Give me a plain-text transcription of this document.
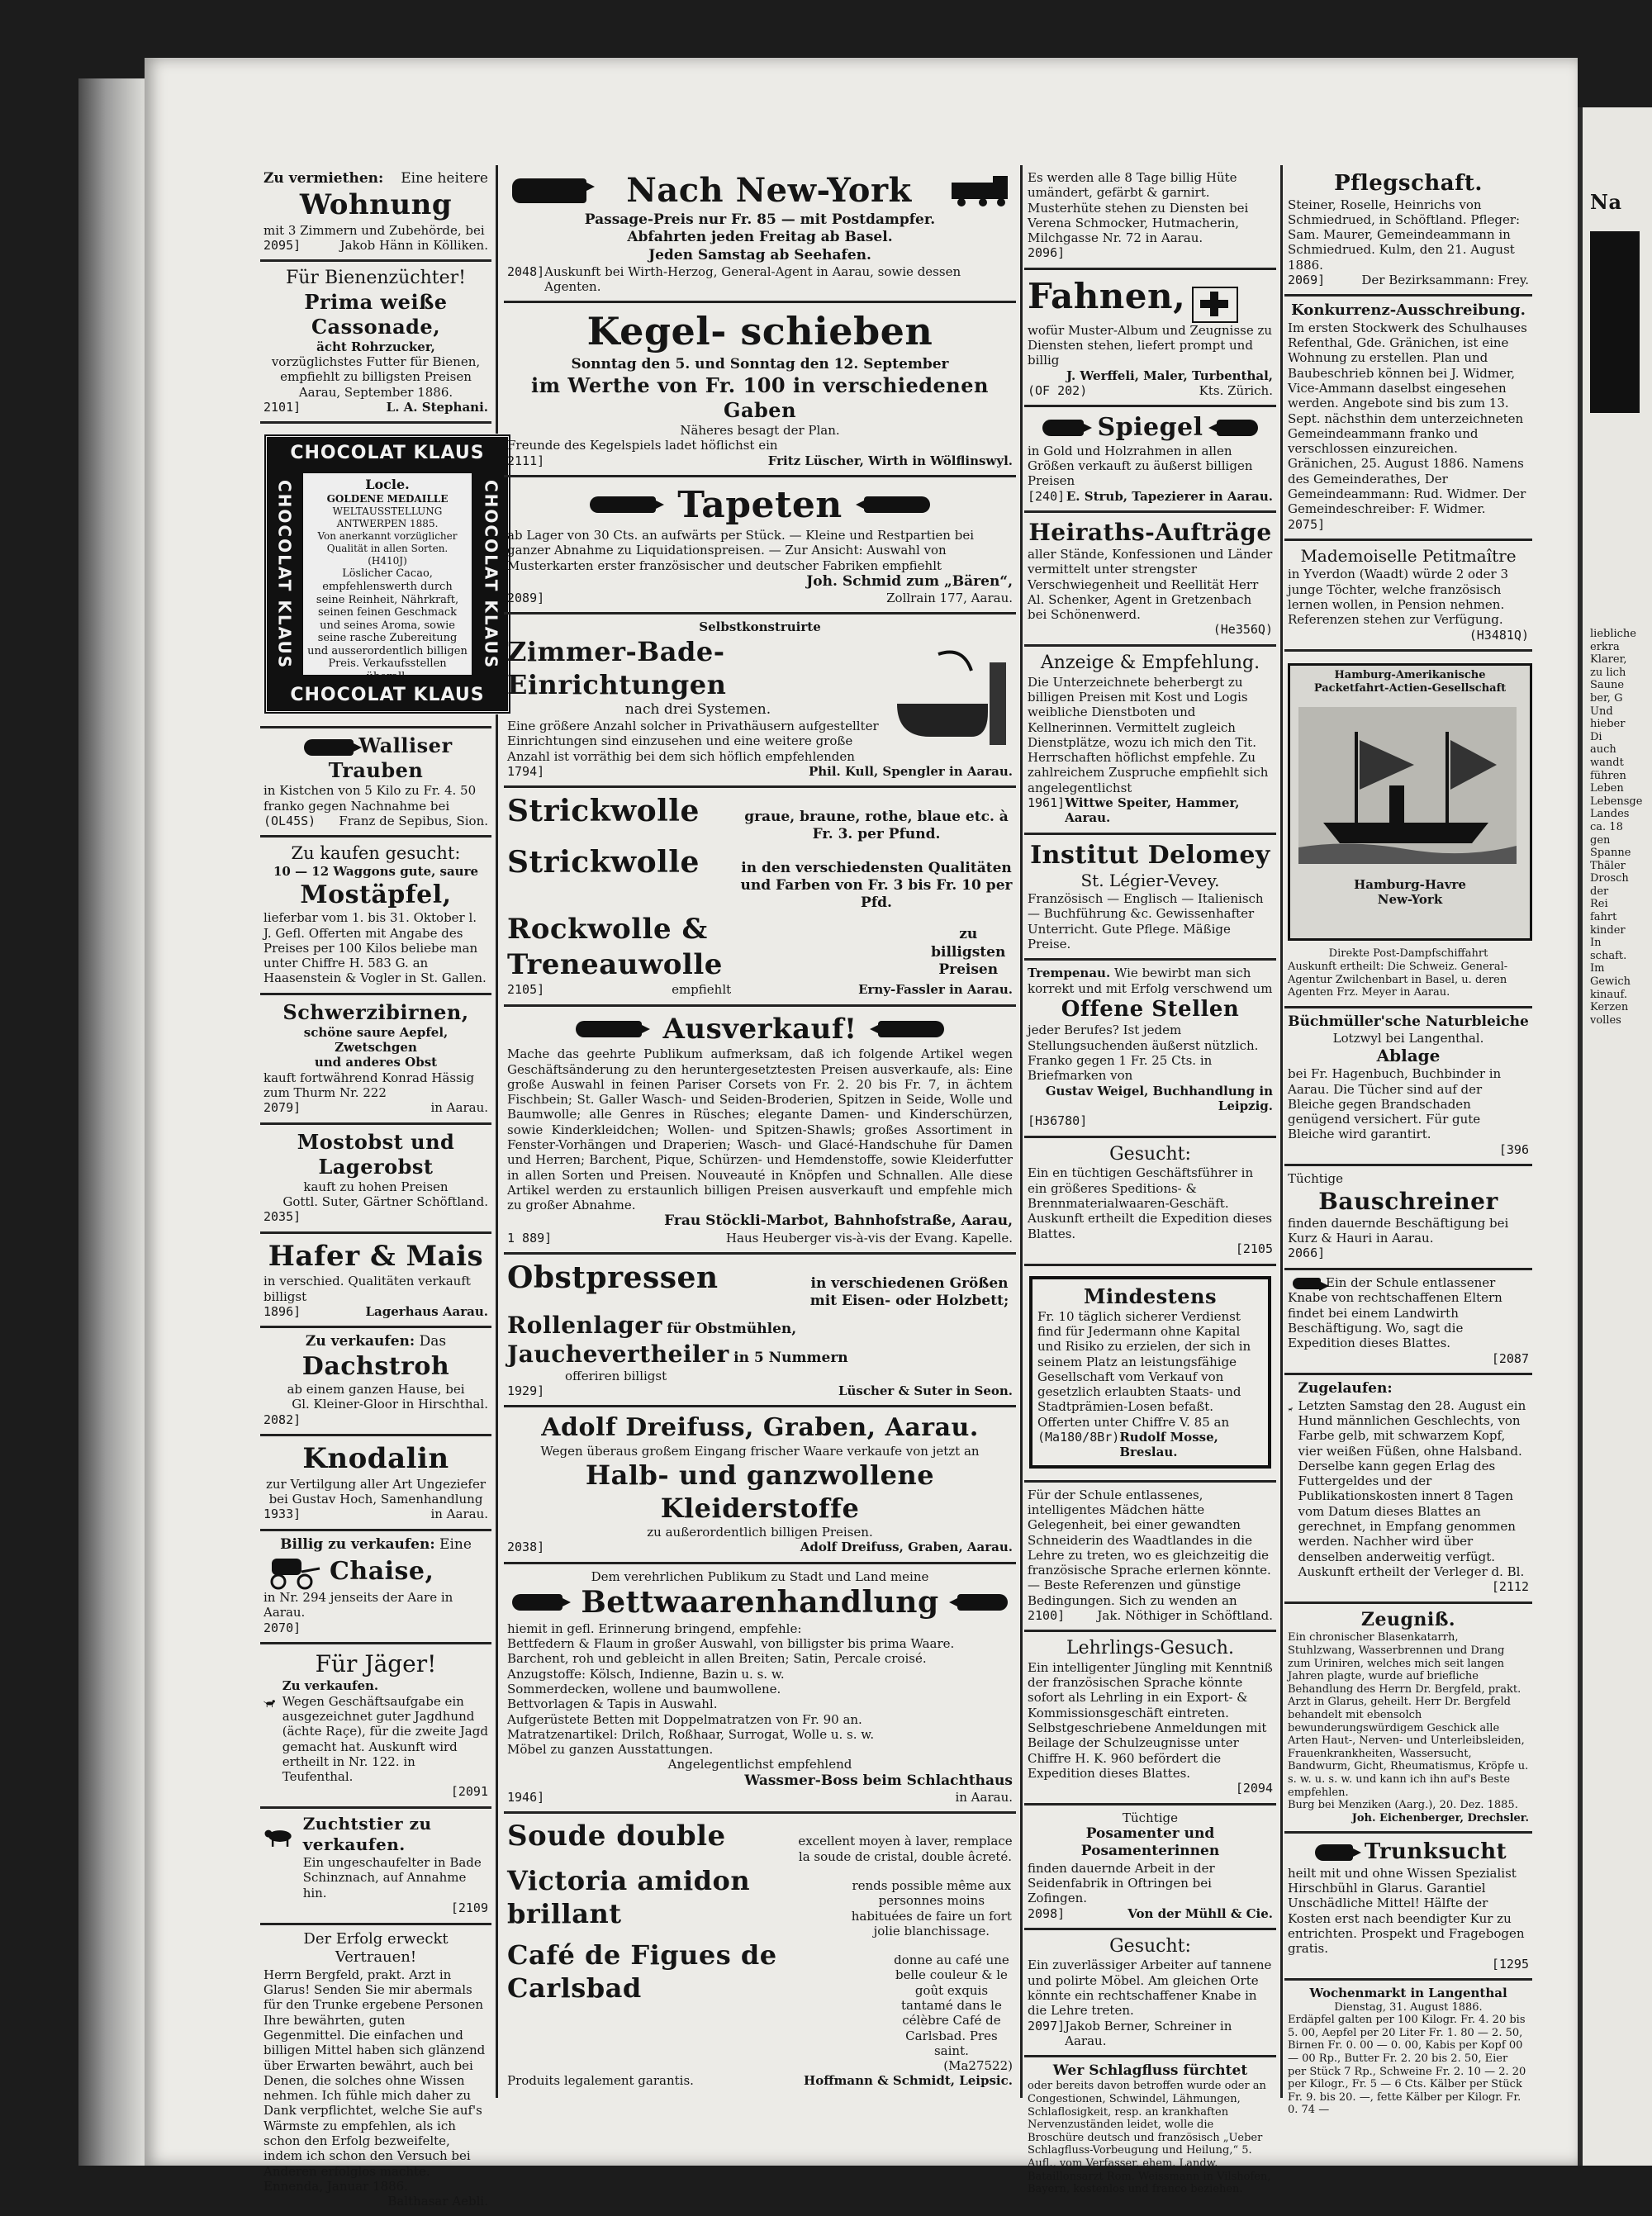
Zu vermiethen: Eine heitere
Wohnung
mit 3 Zimmern und Zubehörde, bei
2095]	Jakob Hänn in Kölliken.
Für Bienenzüchter!
Prima weiße Cassonade,
ächt Rohrzucker,
vorzüglichstes Futter für Bienen, empfiehlt zu billigsten Preisen Aarau, September 1886.
2101]	L. A. Stephani.
CHOCOLAT KLAUS
CHOCOLAT KLAUS	CHOCOLAT KLAUS
Locle.
GOLDENE MEDAILLE
WELTAUSSTELLUNG ANTWERPEN 1885.
Von anerkannt vorzüglicher Qualität in allen Sorten. (H410J)
Löslicher Cacao, empfehlenswerth durch seine Reinheit, Nährkraft, seinen feinen Geschmack und seines Aroma, sowie seine rasche Zubereitung und ausserordentlich billigen Preis. Verkaufsstellen überall.
CHOCOLAT KLAUS
Walliser Trauben
in Kistchen von 5 Kilo zu Fr. 4. 50 franko gegen Nachnahme bei
(OL45S) Franz de Sepibus, Sion.
Zu kaufen gesucht:
10 — 12 Waggons gute, saure
Mostäpfel,
lieferbar vom 1. bis 31. Oktober l. J. Gefl. Offerten mit Angabe des Preises per 100 Kilos beliebe man unter Chiffre H. 583 G. an Haasenstein & Vogler in St. Gallen.
Schwerzibirnen,
schöne saure Aepfel, Zwetschgen
und anderes Obst
kauft fortwährend Konrad Hässig zum Thurm Nr. 222
2079]	in Aarau.
Mostobst und Lagerobst
kauft zu hohen Preisen
Gottl. Suter, Gärtner Schöftland.
2035]
Hafer & Mais
in verschied. Qualitäten verkauft billigst
1896]	Lagerhaus Aarau.
Zu verkaufen: Das
Dachstroh
ab einem ganzen Hause, bei
Gl. Kleiner-Gloor in Hirschthal.
2082]
Knodalin
zur Vertilgung aller Art Ungeziefer bei Gustav Hoch, Samenhandlung
1933]	in Aarau.
Billig zu verkaufen: Eine
Chaise,
in Nr. 294 jenseits der Aare in Aarau.
2070]
Für Jäger!
Zu verkaufen.
Wegen Geschäftsaufgabe ein ausgezeichnet guter Jagdhund (ächte Raçe), für die zweite Jagd gemacht hat. Auskunft wird ertheilt in Nr. 122. in Teufenthal.
[2091
Zuchtstier zu verkaufen.
Ein ungeschaufelter in Bade Schinznach, auf Annahme hin.
[2109
Der Erfolg erweckt Vertrauen!
Herrn Bergfeld, prakt. Arzt in Glarus! Senden Sie mir abermals für den Trunke ergebene Personen Ihre bewährten, guten Gegenmittel. Die einfachen und billigen Mittel haben sich glänzend über Erwarten bewährt, auch bei Denen, die solches ohne Wissen nehmen. Ich fühle mich daher zu Dank verpflichtet, welche Sie auf's Wärmste zu empfehlen, als ich schon den Erfolg bezweifelte, indem ich schon den Versuch bei Anderen erfolglos machte.
Ennenda, Januar 1886.
Balthasar Aebli.
Nach New-York
Passage-Preis nur Fr. 85 — mit Postdampfer.
Abfahrten jeden Freitag ab Basel.
Jeden Samstag ab Seehafen.
2048] Auskunft bei Wirth-Herzog, General-Agent in Aarau, sowie dessen Agenten.
Kegel- schieben
Sonntag den 5. und Sonntag den 12. September
im Werthe von Fr. 100 in verschiedenen Gaben
Näheres besagt der Plan.
Freunde des Kegelspiels ladet höflichst ein
2111]	Fritz Lüscher, Wirth in Wölflinswyl.
Tapeten
ab Lager von 30 Cts. an aufwärts per Stück. — Kleine und Restpartien bei ganzer Abnahme zu Liquidationspreisen. — Zur Ansicht: Auswahl von Musterkarten erster französischer und deutscher Fabriken empfiehlt
Joh. Schmid zum „Bären“,
2089]	Zollrain 177, Aarau.
Selbstkonstruirte
Zimmer-Bade-Einrichtungen
nach drei Systemen.
Eine größere Anzahl solcher in Privathäusern aufgestellter Einrichtungen sind einzusehen und eine weitere große Anzahl ist vorräthig bei dem sich höflich empfehlenden
1794]	Phil. Kull, Spengler in Aarau.
Strickwolle	graue, braune, rothe, blaue etc. à Fr. 3. per Pfund.
Strickwolle	in den verschiedensten Qualitäten und Farben von Fr. 3 bis Fr. 10 per Pfd.
Rockwolle & Treneauwolle
zu billigsten Preisen
2105]	empfiehlt	Erny-Fassler in Aarau.
Ausverkauf!
Mache das geehrte Publikum aufmerksam, daß ich folgende Artikel wegen Geschäftsänderung zu den heruntergesetztesten Preisen ausverkaufe, als: Eine große Auswahl in feinen Pariser Corsets von Fr. 2. 20 bis Fr. 7, in ächtem Fischbein; St. Galler Wasch- und Seiden-Broderien, Spitzen in Seide, Wolle und Baumwolle; alle Genres in Rüsches; elegante Damen- und Kinderschürzen, sowie Kinderkleidchen; Wollen- und Spitzen-Shawls; großes Assortiment in Fenster-Vorhängen und Draperien; Wasch- und Glacé-Handschuhe für Damen und Herren; Barchent, Pique, Schürzen- und Hemdenstoffe, sowie Kleiderfutter in allen Sorten und Preisen. Nouveauté in Knöpfen und Schnallen. Alle diese Artikel werden zu erstaunlich billigen Preisen ausverkauft und empfehle mich zu großer Abnahme.
Frau Stöckli-Marbot, Bahnhofstraße, Aarau,
1 889]	Haus Heuberger vis-à-vis der Evang. Kapelle.
Obstpressen	in verschiedenen Größen mit Eisen- oder Holzbett;
Rollenlager für Obstmühlen,
Jauchevertheiler in 5 Nummern
offeriren billigst
1929]	Lüscher & Suter in Seon.
Adolf Dreifuss, Graben, Aarau.
Wegen überaus großem Eingang frischer Waare verkaufe von jetzt an
Halb- und ganzwollene Kleiderstoffe
zu außerordentlich billigen Preisen.
2038]	Adolf Dreifuss, Graben, Aarau.
Dem verehrlichen Publikum zu Stadt und Land meine
Bettwaarenhandlung
hiemit in gefl. Erinnerung bringend, empfehle:
Bettfedern & Flaum in großer Auswahl, von billigster bis prima Waare.
Barchent, roh und gebleicht in allen Breiten; Satin, Percale croisé.
Anzugstoffe: Kölsch, Indienne, Bazin u. s. w.
Sommerdecken, wollene und baumwollene.
Bettvorlagen & Tapis in Auswahl.
Aufgerüstete Betten mit Doppelmatratzen von Fr. 90 an.
Matratzenartikel: Drilch, Roßhaar, Surrogat, Wolle u. s. w.
Möbel zu ganzen Ausstattungen.
Angelegentlichst empfehlend
Wassmer-Boss beim Schlachthaus
1946]	in Aarau.
Soude double	excellent moyen à laver, remplace la soude de cristal, double âcreté.
Victoria amidon brillant
rends possible même aux personnes moins habituées de faire un fort jolie blanchissage.
Café de Figues de Carlsbad
donne au café une belle couleur & le goût exquis tantamé dans le célèbre Café de Carlsbad. Pres saint.
(Ma27522)
Produits legalement garantis.	Hoffmann & Schmidt, Leipsic.
Es werden alle 8 Tage billig Hüte umändert, gefärbt & garnirt. Musterhüte stehen zu Diensten bei Verena Schmocker, Hutmacherin, Milchgasse Nr. 72 in Aarau.
2096]
Fahnen,
wofür Muster-Album und Zeugnisse zu Diensten stehen, liefert prompt und billig
J. Werffeli, Maler, Turbenthal,
(OF 202)	Kts. Zürich.
Spiegel
in Gold und Holzrahmen in allen Größen verkauft zu äußerst billigen Preisen
[240] E. Strub, Tapezierer in Aarau.
Heiraths-Aufträge
aller Stände, Konfessionen und Länder vermittelt unter strengster Verschwiegenheit und Reellität Herr Al. Schenker, Agent in Gretzenbach bei Schönenwerd.
(He356Q)
Anzeige & Empfehlung.
Die Unterzeichnete beherbergt zu billigen Preisen mit Kost und Logis weibliche Dienstboten und Kellnerinnen. Vermittelt zugleich Dienstplätze, wozu ich mich den Tit. Herrschaften höflichst empfehle. Zu zahlreichem Zuspruche empfiehlt sich angelegentlichst
1961] Wittwe Speiter, Hammer, Aarau.
Institut Delomey
St. Légier-Vevey.
Französisch — Englisch — Italienisch — Buchführung &c. Gewissenhafter Unterricht. Gute Pflege. Mäßige Preise.
Trempenau. Wie bewirbt man sich korrekt und mit Erfolg verschwend um
Offene Stellen
jeder Berufes? Ist jedem Stellungsuchenden äußerst nützlich. Franko gegen 1 Fr. 25 Cts. in Briefmarken von
Gustav Weigel, Buchhandlung in Leipzig.
[H36780]
Gesucht:
Ein en tüchtigen Geschäftsführer in ein größeres Speditions- & Brennmaterialwaaren-Geschäft. Auskunft ertheilt die Expedition dieses Blattes.
[2105
Mindestens
Fr. 10 täglich sicherer Verdienst find für Jedermann ohne Kapital und Risiko zu erzielen, der sich in seinem Platz an leistungsfähige Gesellschaft vom Verkauf von gesetzlich erlaubten Staats- und Stadtprämien-Losen befaßt. Offerten unter Chiffre V. 85 an
(Ma180/8Br) Rudolf Mosse, Breslau.
Für der Schule entlassenes, intelligentes Mädchen hätte Gelegenheit, bei einer gewandten Schneiderin des Waadtlandes in die Lehre zu treten, wo es gleichzeitig die französische Sprache erlernen könnte. — Beste Referenzen und günstige Bedingungen. Sich zu wenden an
2100]	Jak. Nöthiger in Schöftland.
Lehrlings-Gesuch.
Ein intelligenter Jüngling mit Kenntniß der französischen Sprache könnte sofort als Lehrling in ein Export- & Kommissionsgeschäft eintreten. Selbstgeschriebene Anmeldungen mit Beilage der Schulzeugnisse unter Chiffre H. K. 960 befördert die Expedition dieses Blattes.
[2094
Tüchtige
Posamenter und Posamenterinnen
finden dauernde Arbeit in der Seidenfabrik in Oftringen bei Zofingen.
2098]	Von der Mühll & Cie.
Gesucht:
Ein zuverlässiger Arbeiter auf tannene und polirte Möbel. Am gleichen Orte könnte ein rechtschaffener Knabe in die Lehre treten.
2097] Jakob Berner, Schreiner in Aarau.
Wer Schlagfluss fürchtet
oder bereits davon betroffen wurde oder an Congestionen, Schwindel, Lähmungen, Schlaflosigkeit, resp. an krankhaften Nervenzuständen leidet, wolle die Broschüre deutsch und französisch „Ueber Schlagfluss-Vorbeugung und Heilung,“ 5. Aufl., vom Verfasser, ehem. Landw. Bataillonsarzt Rom. Weissmann in Vilshofen, Bayern, kostenlos und franco beziehen.
Pflegschaft.
Steiner, Roselle, Heinrichs von Schmiedrued, in Schöftland. Pfleger: Sam. Maurer, Gemeindeammann in Schmiedrued. Kulm, den 21. August 1886.
2069]	Der Bezirksammann: Frey.
Konkurrenz-Ausschreibung.
Im ersten Stockwerk des Schulhauses Refenthal, Gde. Gränichen, ist eine Wohnung zu erstellen. Plan und Baubeschrieb können bei J. Widmer, Vice-Ammann daselbst eingesehen werden. Angebote sind bis zum 13. Sept. nächsthin dem unterzeichneten Gemeindeammann franko und verschlossen einzureichen. Gränichen, 25. August 1886. Namens des Gemeinderathes, Der Gemeindeammann: Rud. Widmer. Der Gemeindeschreiber: F. Widmer.
2075]
Mademoiselle Petitmaître
in Yverdon (Waadt) würde 2 oder 3 junge Töchter, welche französisch lernen wollen, in Pension nehmen. Referenzen stehen zur Verfügung.
(H3481Q)
Hamburg-Amerikanische Packetfahrt-Actien-Gesellschaft
Hamburg-Havre
New-York
Direkte Post-Dampfschiffahrt
Auskunft ertheilt: Die Schweiz. General-Agentur Zwilchenbart in Basel, u. deren Agenten Frz. Meyer in Aarau.
Büchmüller'sche Naturbleiche
Lotzwyl bei Langenthal.
Ablage
bei Fr. Hagenbuch, Buchbinder in Aarau. Die Tücher sind auf der Bleiche gegen Brandschaden genügend versichert. Für gute Bleiche wird garantirt.
[396
Tüchtige
Bauschreiner
finden dauernde Beschäftigung bei Kurz & Hauri in Aarau.
2066]
Ein der Schule entlassener Knabe von rechtschaffenen Eltern findet bei einem Landwirth Beschäftigung. Wo, sagt die Expedition dieses Blattes.
[2087
Zugelaufen:
Letzten Samstag den 28. August ein Hund männlichen Geschlechts, von Farbe gelb, mit schwarzem Kopf, vier weißen Füßen, ohne Halsband. Derselbe kann gegen Erlag des Futtergeldes und der Publikationskosten innert 8 Tagen vom Datum dieses Blattes an gerechnet, in Empfang genommen werden. Nachher wird über denselben anderweitig verfügt. Auskunft ertheilt der Verleger d. Bl.
[2112
Zeugniß.
Ein chronischer Blasenkatarrh, Stuhlzwang, Wasserbrennen und Drang zum Uriniren, welches mich seit langen Jahren plagte, wurde auf briefliche Behandlung des Herrn Dr. Bergfeld, prakt. Arzt in Glarus, geheilt. Herr Dr. Bergfeld behandelt mit ebensolch bewunderungswürdigem Geschick alle Arten Haut-, Nerven- und Unterleibsleiden, Frauenkrankheiten, Wassersucht, Bandwurm, Gicht, Rheumatismus, Kröpfe u. s. w. u. s. w. und kann ich ihn auf's Beste empfehlen.
Burg bei Menziken (Aarg.), 20. Dez. 1885.
Joh. Eichenberger, Drechsler.
Trunksucht
heilt mit und ohne Wissen Spezialist Hirschbühl in Glarus. Garantiel Unschädliche Mittel! Hälfte der Kosten erst nach beendigter Kur zu entrichten. Prospekt und Fragebogen gratis.
[1295
Wochenmarkt in Langenthal
Dienstag, 31. August 1886.
Erdäpfel galten per 100 Kilogr. Fr. 4. 20 bis 5. 00, Aepfel per 20 Liter Fr. 1. 80 — 2. 50, Birnen Fr. 0. 00 — 0. 00, Kabis per Kopf 00 — 00 Rp., Butter Fr. 2. 20 bis 2. 50, Eier per Stück 7 Rp., Schweine Fr. 2. 10 — 2. 20 per Kilogr., Fr. 5 — 6 Cts. Kälber per Stück Fr. 9. bis 20. —, fette Kälber per Kilogr. Fr. 0. 74 —
Na
liebliche
erkra
Klarer,
zu lich
Saune
ber, G
Und
hieber
Di
auch
wandt
führen
Leben
Lebensge
Landes
ca. 18
gen
Spanne
Thäler
Drosch
der
Rei
fahrt
kinder
In
schaft.
Im
Gewich
kinauf.
Kerzen
volles
